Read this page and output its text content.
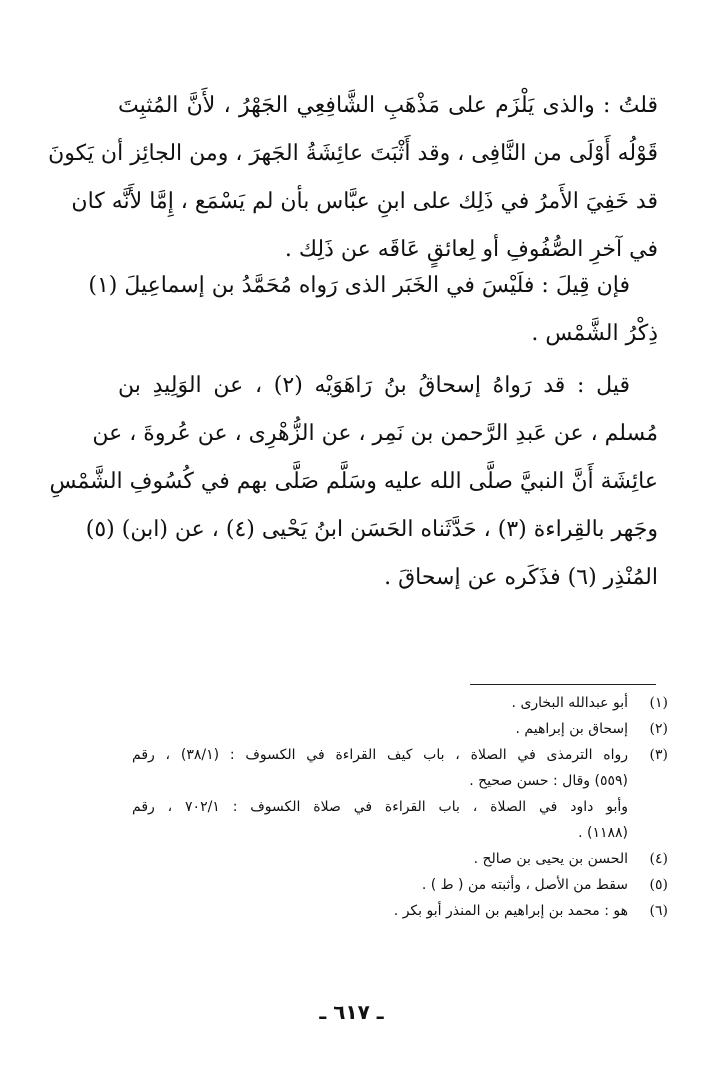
قلتُ : والذى يَلْزَم على مَذْهَبِ الشَّافِعِي الجَهْرُ ، لأَنَّ المُثبِتَ
قَوْلُه أَوْلَى من النَّافِى ، وقد أَثْبَتَ عائِشَةُ الجَهرَ ، ومن الجائِز أن يَكونَ
قد خَفِيَ الأَمرُ في ذَلِك على ابنِ عبَّاس بأن لم يَسْمَع ، إِمَّا لأَنَّه كان
في آخرِ الصُّفُوفِ أو لِعائقٍ عَاقَه عن ذَلِك .
فإن قِيلَ : فلَيْسَ في الخَبَر الذى رَواه مُحَمَّدُ بن إسماعِيلَ (١)
ذِكْرُ الشَّمْس .
قيل : قد رَواهُ إسحاقُ بنُ رَاهَوَيْه (٢) ، عن الوَلِيدِ بن
مُسلم ، عن عَبدِ الرَّحمن بن نَمِر ، عن الزُّهْرِى ، عن عُروةَ ، عن
عائِشَة أَنَّ النبيَّ صلَّى الله عليه وسَلَّم صَلَّى بهم في كُسُوفِ الشَّمْسِ
وجَهر بالقِراءة (٣) ، حَدَّثَناه الحَسَن ابنُ يَحْيى (٤) ، عن (ابن) (٥)
المُنْذِر (٦) فذَكَره عن إسحاقَ .
(١)
أبو عبدالله البخارى .
(٢)
إسحاق بن إبراهيم .
(٣)
رواه الترمذى في الصلاة ، باب كيف القراءة في الكسوف : (٣٨/١) ، رقم
(٥٥٩) وقال : حسن صحيح .
وأبو داود في الصلاة ، باب القراءة في صلاة الكسوف : ٧٠٢/١ ، رقم
(١١٨٨) .
(٤)
الحسن بن يحيى بن صالح .
(٥)
سقط من الأصل ، وأثبته من ( ط ) .
(٦)
هو : محمد بن إبراهيم بن المنذر أبو بكر .
ـ ٦١٧ ـ
